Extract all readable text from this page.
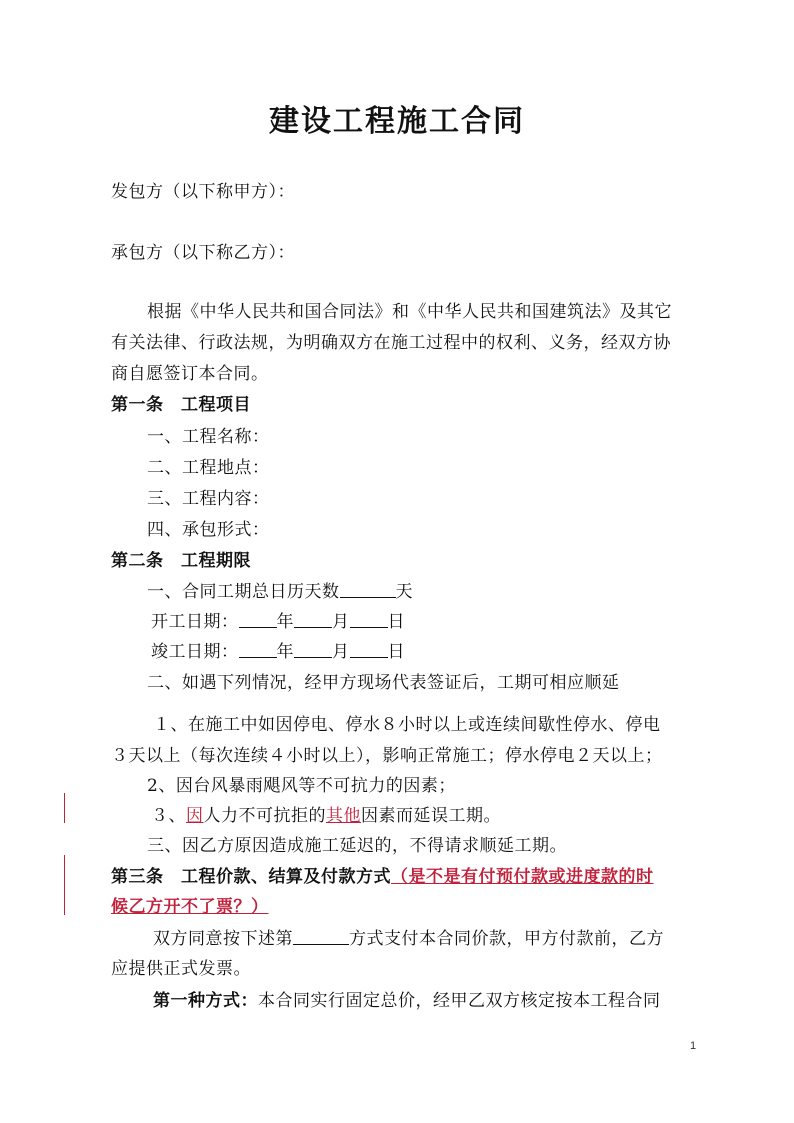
建设工程施工合同
发包方（以下称甲方）：
承包方（以下称乙方）：
根据《中华人民共和国合同法》和《中华人民共和国建筑法》及其它
有关法律、行政法规，为明确双方在施工过程中的权利、义务，经双方协
商自愿签订本合同。
第一条　工程项目
一、工程名称：
二、工程地点：
三、工程内容：
四、承包形式：
第二条　工程期限
一、合同工期总日历天数	天
开工日期： 年 月 日
竣工日期： 年 月 日
二、如遇下列情况，经甲方现场代表签证后，工期可相应顺延
１、在施工中如因停电、停水８小时以上或连续间歇性停水、停电
３天以上（每次连续４小时以上），影响正常施工；停水停电２天以上；
2、因台风暴雨飓风等不可抗力的因素；
３、因人力不可抗拒的其他因素而延误工期。
三、因乙方原因造成施工延迟的，不得请求顺延工期。
第三条　工程价款、结算及付款方式（是不是有付预付款或进度款的时
候乙方开不了票？）
双方同意按下述第	方式支付本合同价款，甲方付款前，乙方
应提供正式发票。
第一种方式：本合同实行固定总价，经甲乙双方核定按本工程合同
1
